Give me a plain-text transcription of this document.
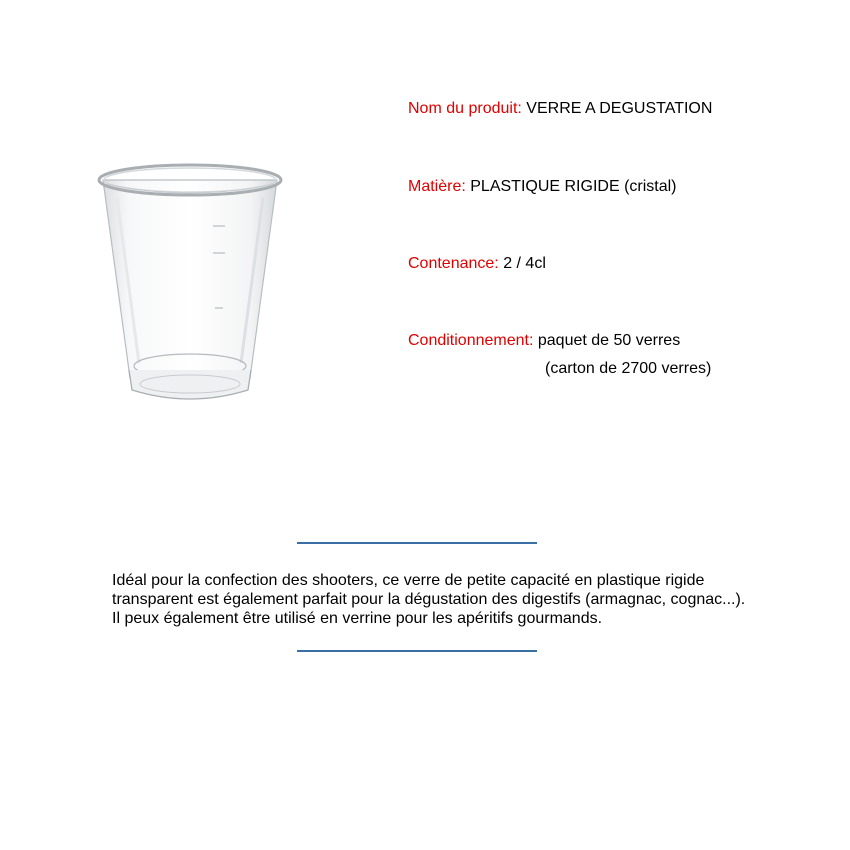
Nom du produit: VERRE A DEGUSTATION
Matière: PLASTIQUE RIGIDE (cristal)
Contenance: 2 / 4cl
Conditionnement: paquet de 50 verres
(carton de 2700 verres)

Idéal pour la confection des shooters, ce verre de petite capacité en plastique rigide

transparent est également parfait pour la dégustation des digestifs (armagnac, cognac...).

Il peux également être utilisé en verrine pour les apéritifs gourmands.
